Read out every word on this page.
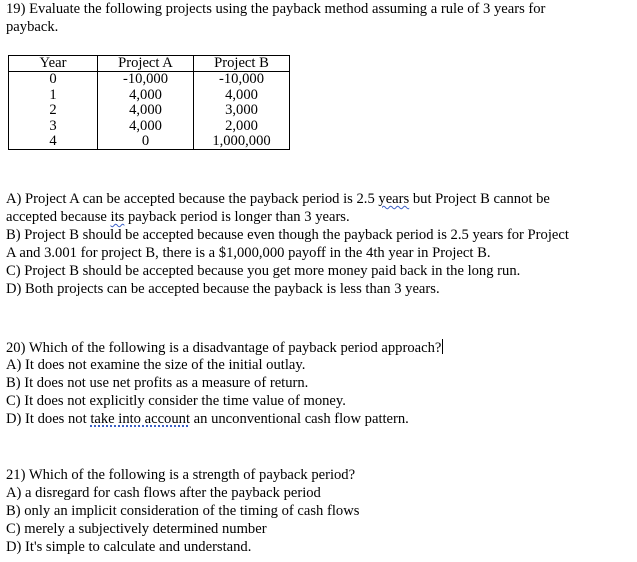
19) Evaluate the following projects using the payback method assuming a rule of 3 years for
payback.
Year	Project A	Project B
0	-10,000	-10,000
1	4,000	4,000
2	4,000	3,000
3	4,000	2,000
4	0	1,000,000
A) Project A can be accepted because the payback period is 2.5 years but Project B cannot be
accepted because its payback period is longer than 3 years.
B) Project B should be accepted because even though the payback period is 2.5 years for Project
A and 3.001 for project B, there is a $1,000,000 payoff in the 4th year in Project B.
C) Project B should be accepted because you get more money paid back in the long run.
D) Both projects can be accepted because the payback is less than 3 years.
20) Which of the following is a disadvantage of payback period approach?
A) It does not examine the size of the initial outlay.
B) It does not use net profits as a measure of return.
C) It does not explicitly consider the time value of money.
D) It does not take into account an unconventional cash flow pattern.
21) Which of the following is a strength of payback period?
A) a disregard for cash flows after the payback period
B) only an implicit consideration of the timing of cash flows
C) merely a subjectively determined number
D) It's simple to calculate and understand.
